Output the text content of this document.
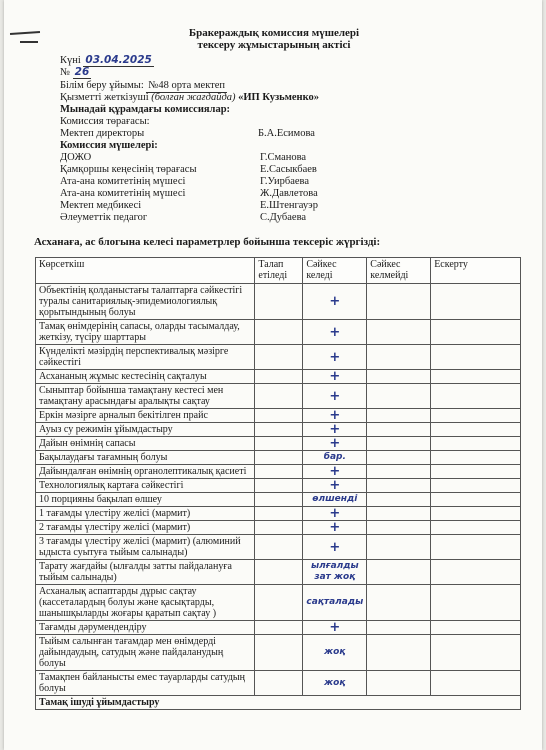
Бракераждық комиссия мүшелері
тексеру жұмыстарының актісі
Күні 03.04.2025
№ 26
Білім беру ұйымы: №48 орта мектеп
Қызметті жеткізуші (болған жағдайда) «ИП Кузьменко»
Мынадай құрамдағы комиссиялар:
Комиссия төрағасы:
Мектеп директоры	Б.А.Есимова
Комиссия мүшелері:
ДОЖО	Г.Сманова
Қамқоршы кеңесінің төрағасы	Е.Сасыкбаев
Ата-ана комитетінің мүшесі	Г.Уирбаева
Ата-ана комитетінің мүшесі	Ж.Давлетова
Мектеп медбикесі	Е.Штенгауэр
Әлеуметтік педагог	С.Дубаева
Асханаға, ас блогына келесі параметрлер бойынша тексеріс жүргізді:
Көрсеткіш	Талап етіледі	Сәйкес келеді	Сәйкес келмейді	Ескерту
Объектінің қолданыстағы талаптарға сәйкестігі туралы санитариялық-эпидемиологиялық қорытындының болуы		+		
Тамақ өнімдерінің сапасы, оларды тасымалдау, жеткізу, түсіру шарттары		+		
Күнделікті мәзірдің перспективалық мәзірге сәйкестігі		+		
Асхананың жұмыс кестесінің сақталуы		+		
Сыныптар бойынша тамақтану кестесі мен тамақтану арасындағы аралықты сақтау		+		
Еркін мәзірге арналып бекітілген прайс		+		
Ауыз су режимін ұйымдастыру		+		
Дайын өнімнің сапасы		+		
Бақылаудағы тағамның болуы		бар.		
Дайындалған өнімнің органолептикалық қасиеті		+		
Технологиялық картаға сәйкестігі		+		
10 порцияны бақылап өлшеу		өлшенді		
1 тағамды үлестіру желісі (мармит)		+		
2 тағамды үлестіру желісі (мармит)		+		
3 тағамды үлестіру желісі (мармит) (алюминий ыдыста суытуға тыйым салынады)		+		
Тарату жағдайы (ылғалды затты пайдалануға тыйым салынады)		ылғалды зат жоқ		
Асханалық аспаптарды дұрыс сақтау (кассеталардың болуы және қасықтарды, шанышқыларды жоғары қаратып сақтау )		сақталады		
Тағамды дәрумендендіру		+		
Тыйым салынған тағамдар мен өнімдерді дайындаудың, сатудың және пайдаланудың болуы		жоқ		
Тамақпен байланысты емес тауарларды сатудың болуы		жоқ		
Тамақ ішуді ұйымдастыру				
